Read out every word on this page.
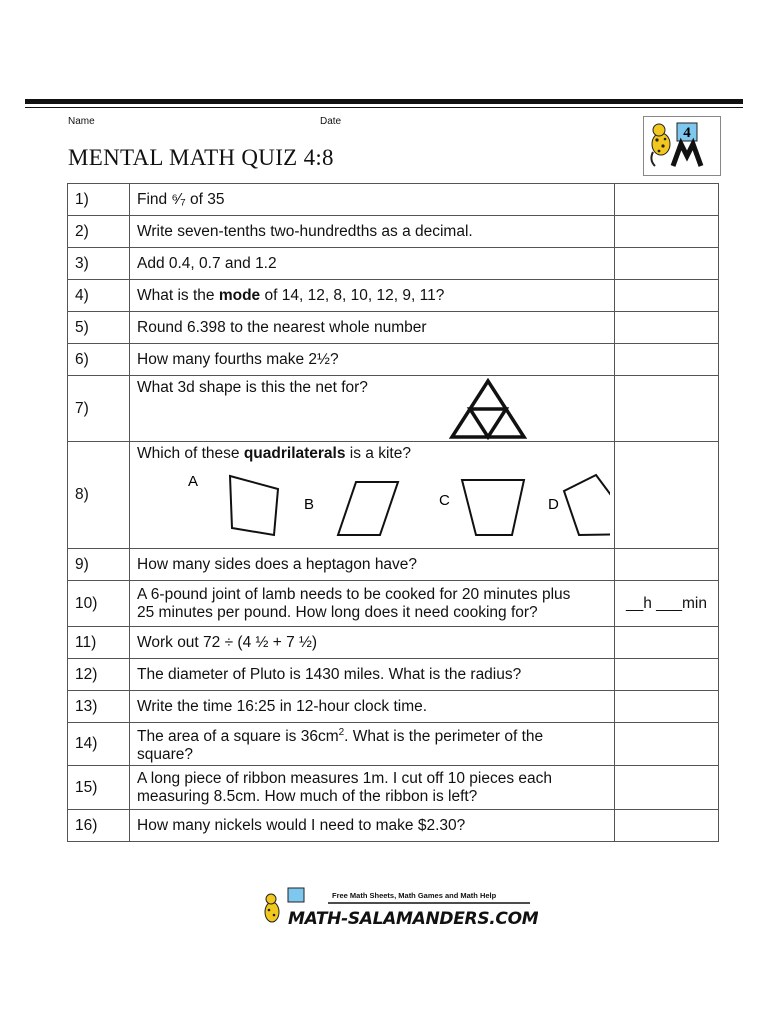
Name	Date
MENTAL MATH QUIZ 4:8
4
1)	Find ⁶⁄₇ of 35	
2)	Write seven-tenths two-hundredths as a decimal.	
3)	Add 0.4, 0.7 and 1.2	
4)	What is the mode of 14, 12, 8, 10, 12, 9, 11?	
5)	Round 6.398 to the nearest whole number	
6)	How many fourths make 2½?	
7)	What 3d shape is this the net for?	

8)	Which of these quadrilaterals is a kite?
A
B C D	

9)	How many sides does a heptagon have?	
10)	A 6-pound joint of lamb needs to be cooked for 20 minutes plus
25 minutes per pound. How long does it need cooking for?	__h ___min
11)	Work out 72 ÷ (4 ½ + 7 ½)	
12)	The diameter of Pluto is 1430 miles. What is the radius?	
13)	Write the time 16:25 in 12-hour clock time.	
14)	The area of a square is $36cm^2$. What is the perimeter of the
square?	

15)	A long piece of ribbon measures 1m. I cut off 10 pieces each
measuring 8.5cm. How much of the ribbon is left?	

16)	How many nickels would I need to make $2.30?	
Free Math Sheets, Math Games and Math Help
MATH-SALAMANDERS.COM
